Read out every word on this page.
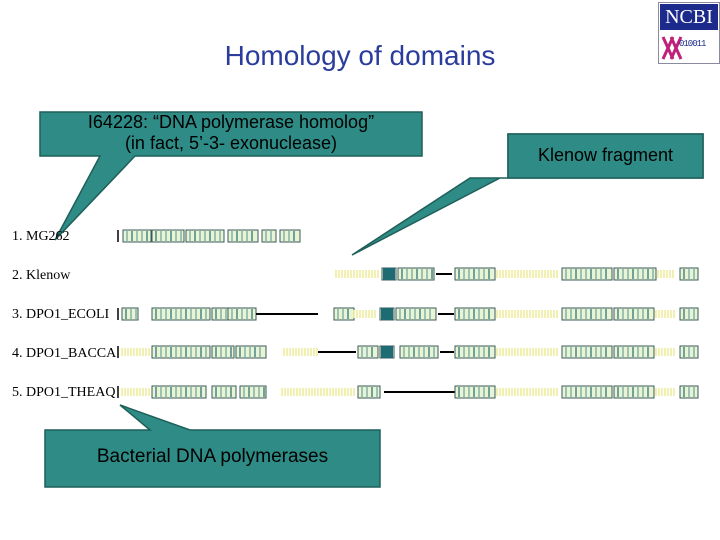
Homology of domains
NCBI
010011
I64228: “DNA polymerase homolog”
(in fact, 5’-3- exonuclease)
Klenow fragment
Bacterial DNA polymerases
1. MG262
2. Klenow
3. DPO1_ECOLI
4. DPO1_BACCA
5. DPO1_THEAQ
